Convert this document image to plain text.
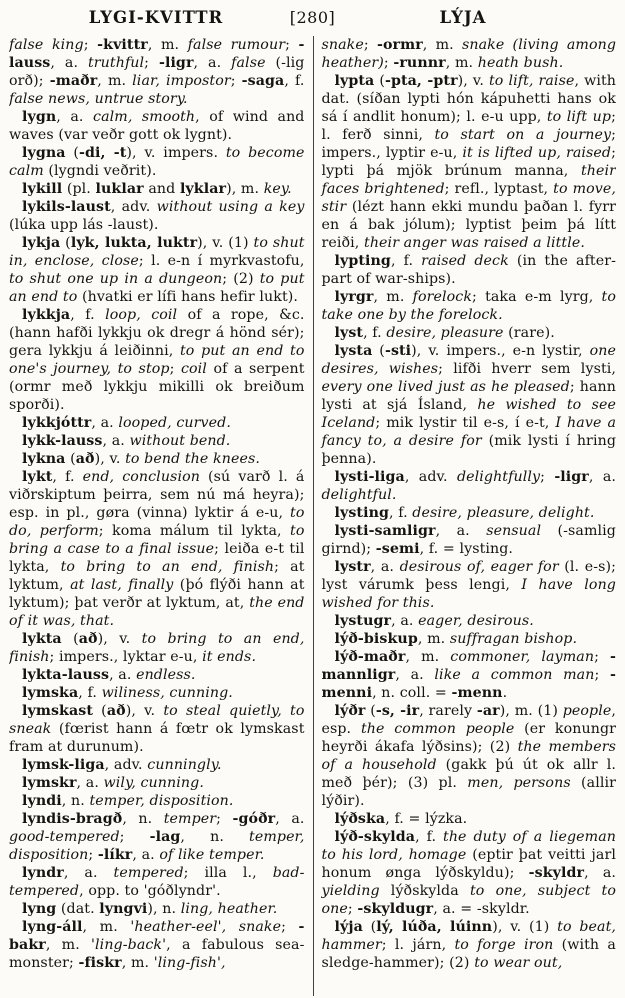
LYGI-KVITTR	[280]	LÝJA

false king; -kvittr, m. false rumour; -lauss, a. truthful; -ligr, a. false (-lig orð); -maðr, m. liar, impostor; -saga, f. false news, untrue story.

lygn, a. calm, smooth, of wind and waves (var veðr gott ok lygnt).

lygna (-di, -t), v. impers. to become calm (lygndi veðrit).

lykill (pl. luklar and lyklar), m. key.

lykils-laust, adv. without using a key (lúka upp lás -laust).

lykja (lyk, lukta, luktr), v. (1) to shut in, enclose, close; l. e-n í myrkvastofu, to shut one up in a dungeon; (2) to put an end to (hvatki er lífi hans hefir lukt).

lykkja, f. loop, coil of a rope, &c. (hann hafði lykkju ok dregr á hönd sér); gera lykkju á leiðinni, to put an end to one's journey, to stop; coil of a serpent (ormr með lykkju mikilli ok breiðum sporði).

lykkjóttr, a. looped, curved.

lykk-lauss, a. without bend.

lykna (að), v. to bend the knees.

lykt, f. end, conclusion (sú varð l. á viðrskiptum þeirra, sem nú má heyra); esp. in pl., gøra (vinna) lyktir á e-u, to do, perform; koma málum til lykta, to bring a case to a final issue; leiða e-t til lykta, to bring to an end, finish; at lyktum, at last, finally (þó flýði hann at lyktum); þat verðr at lyktum, at, the end of it was, that.

lykta (að), v. to bring to an end, finish; impers., lyktar e-u, it ends.

lykta-lauss, a. endless.

lymska, f. wiliness, cunning.

lymskast (að), v. to steal quietly, to sneak (fœrist hann á fœtr ok lymskast fram at durunum).

lymsk-liga, adv. cunningly.

lymskr, a. wily, cunning.

lyndi, n. temper, disposition.

lyndis-bragð, n. temper; -góðr, a. good-tempered; -lag, n. temper, disposition; -líkr, a. of like temper.

lyndr, a. tempered; illa l., bad-tempered, opp. to 'góðlyndr'.

lyng (dat. lyngvi), n. ling, heather.

lyng-áll, m. 'heather-eel', snake; -bakr, m. 'ling-back', a fabulous sea-monster; -fiskr, m. 'ling-fish',

snake; -ormr, m. snake (living among heather); -runnr, m. heath bush.

lypta (-pta, -ptr), v. to lift, raise, with dat. (síðan lypti hón kápuhetti hans ok sá í andlit honum); l. e-u upp, to lift up; l. ferð sinni, to start on a journey; impers., lyptir e-u, it is lifted up, raised; lypti þá mjök brúnum manna, their faces brightened; refl., lyptast, to move, stir (lézt hann ekki mundu þaðan l. fyrr en á bak jólum); lyptist þeim þá lítt reiði, their anger was raised a little.

lypting, f. raised deck (in the after-part of war-ships).

lyrgr, m. forelock; taka e-m lyrg, to take one by the forelock.

lyst, f. desire, pleasure (rare).

lysta (-sti), v. impers., e-n lystir, one desires, wishes; lifði hverr sem lysti, every one lived just as he pleased; hann lysti at sjá Ísland, he wished to see Iceland; mik lystir til e-s, í e-t, I have a fancy to, a desire for (mik lysti í hring þenna).

lysti-liga, adv. delightfully; -ligr, a. delightful.

lysting, f. desire, pleasure, delight.

lysti-samligr, a. sensual (-samlig girnd); -semi, f. = lysting.

lystr, a. desirous of, eager for (l. e-s); lyst várumk þess lengi, I have long wished for this.

lystugr, a. eager, desirous.

lýð-biskup, m. suffragan bishop.

lýð-maðr, m. commoner, layman; -mannligr, a. like a common man; -menni, n. coll. = -menn.

lýðr (-s, -ir, rarely -ar), m. (1) people, esp. the common people (er konungr heyrði ákafa lýðsins); (2) the members of a household (gakk þú út ok allr l. með þér); (3) pl. men, persons (allir lýðir).

lýðska, f. = lýzka.

lýð-skylda, f. the duty of a liegeman to his lord, homage (eptir þat veitti jarl honum ønga lýðskyldu); -skyldr, a. yielding lýðskylda to one, subject to one; -skyldugr, a. = -skyldr.

lýja (lý, lúða, lúinn), v. (1) to beat, hammer; l. járn, to forge iron (with a sledge-hammer); (2) to wear out,
